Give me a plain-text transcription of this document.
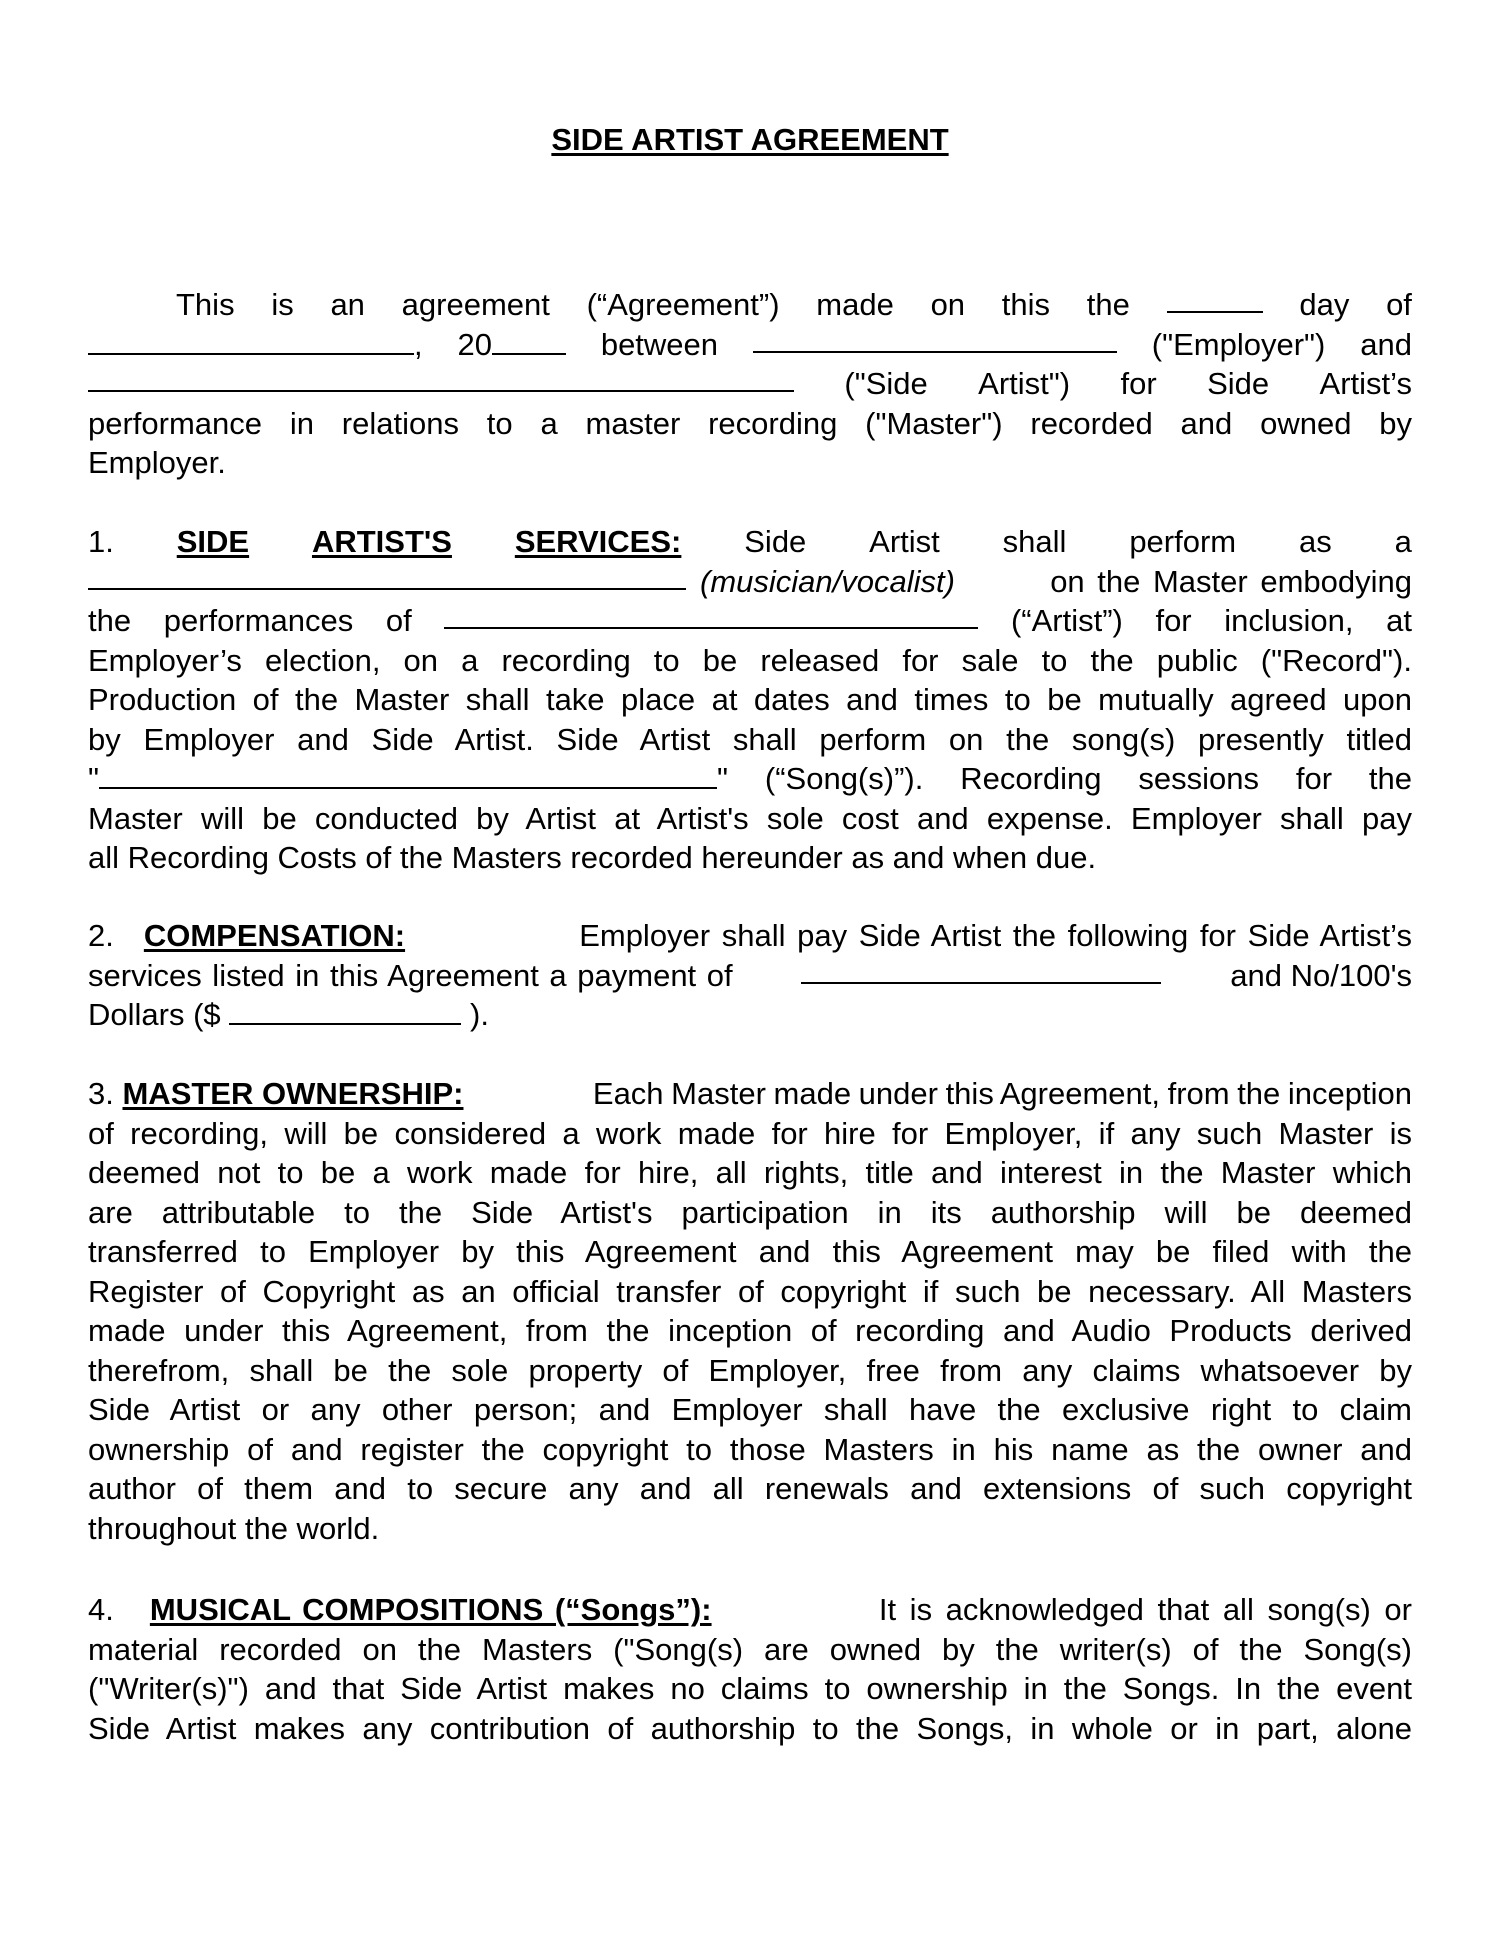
SIDE ARTIST AGREEMENT
This is an agreement (“Agreement”) made on this the	day of
, 20	between	("Employer") and
("Side Artist") for Side Artist’s
performance in relations to a master recording ("Master") recorded and owned by
Employer.
1. SIDE ARTIST'S SERVICES: Side Artist shall perform as a
(musician/vocalist)	on the Master embodying
the performances of	(“Artist”) for inclusion, at
Employer’s election, on a recording to be released for sale to the public ("Record").
Production of the Master shall take place at dates and times to be mutually agreed upon
by Employer and Side Artist. Side Artist shall perform on the song(s) presently titled
"	" (“Song(s)”). Recording sessions for the
Master will be conducted by Artist at Artist's sole cost and expense. Employer shall pay
all Recording Costs of the Masters recorded hereunder as and when due.
2. COMPENSATION:	Employer shall pay Side Artist the following for Side Artist’s
services listed in this Agreement a payment of	and No/100's
Dollars ($	).
3. MASTER OWNERSHIP:	Each Master made under this Agreement, from the inception
of recording, will be considered a work made for hire for Employer, if any such Master is
deemed not to be a work made for hire, all rights, title and interest in the Master which
are attributable to the Side Artist's participation in its authorship will be deemed
transferred to Employer by this Agreement and this Agreement may be filed with the
Register of Copyright as an official transfer of copyright if such be necessary. All Masters
made under this Agreement, from the inception of recording and Audio Products derived
therefrom, shall be the sole property of Employer, free from any claims whatsoever by
Side Artist or any other person; and Employer shall have the exclusive right to claim
ownership of and register the copyright to those Masters in his name as the owner and
author of them and to secure any and all renewals and extensions of such copyright
throughout the world.
4. MUSICAL COMPOSITIONS (“Songs”):	It is acknowledged that all song(s) or
material recorded on the Masters ("Song(s) are owned by the writer(s) of the Song(s)
("Writer(s)") and that Side Artist makes no claims to ownership in the Songs. In the event
Side Artist makes any contribution of authorship to the Songs, in whole or in part, alone
